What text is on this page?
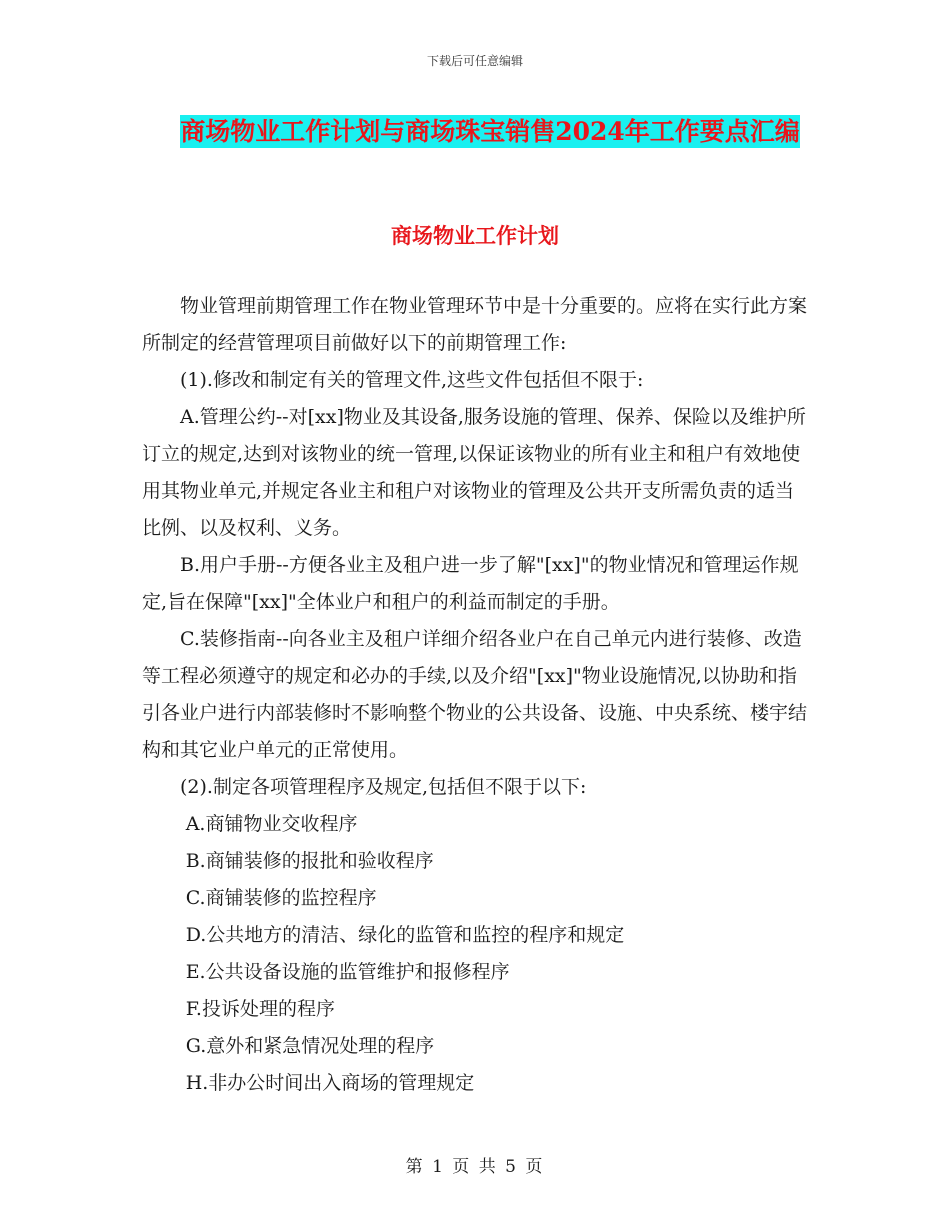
下载后可任意编辑
商场物业工作计划与商场珠宝销售2024年工作要点汇编
商场物业工作计划

物业管理前期管理工作在物业管理环节中是十分重要的。应将在实行此方案所制定的经营管理项目前做好以下的前期管理工作:

(1).修改和制定有关的管理文件,这些文件包括但不限于:

A.管理公约--对[xx]物业及其设备,服务设施的管理、保养、保险以及维护所订立的规定,达到对该物业的统一管理,以保证该物业的所有业主和租户有效地使用其物业单元,并规定各业主和租户对该物业的管理及公共开支所需负责的适当比例、以及权利、义务。

B.用户手册--方便各业主及租户进一步了解"[xx]"的物业情况和管理运作规定,旨在保障"[xx]"全体业户和租户的利益而制定的手册。

C.装修指南--向各业主及租户详细介绍各业户在自己单元内进行装修、改造等工程必须遵守的规定和必办的手续,以及介绍"[xx]"物业设施情况,以协助和指引各业户进行内部装修时不影响整个物业的公共设备、设施、中央系统、楼宇结构和其它业户单元的正常使用。

(2).制定各项管理程序及规定,包括但不限于以下:

A.商铺物业交收程序

B.商铺装修的报批和验收程序

C.商铺装修的监控程序

D.公共地方的清洁、绿化的监管和监控的程序和规定

E.公共设备设施的监管维护和报修程序

F.投诉处理的程序

G.意外和紧急情况处理的程序

H.非办公时间出入商场的管理规定

第 1 页 共 5 页
